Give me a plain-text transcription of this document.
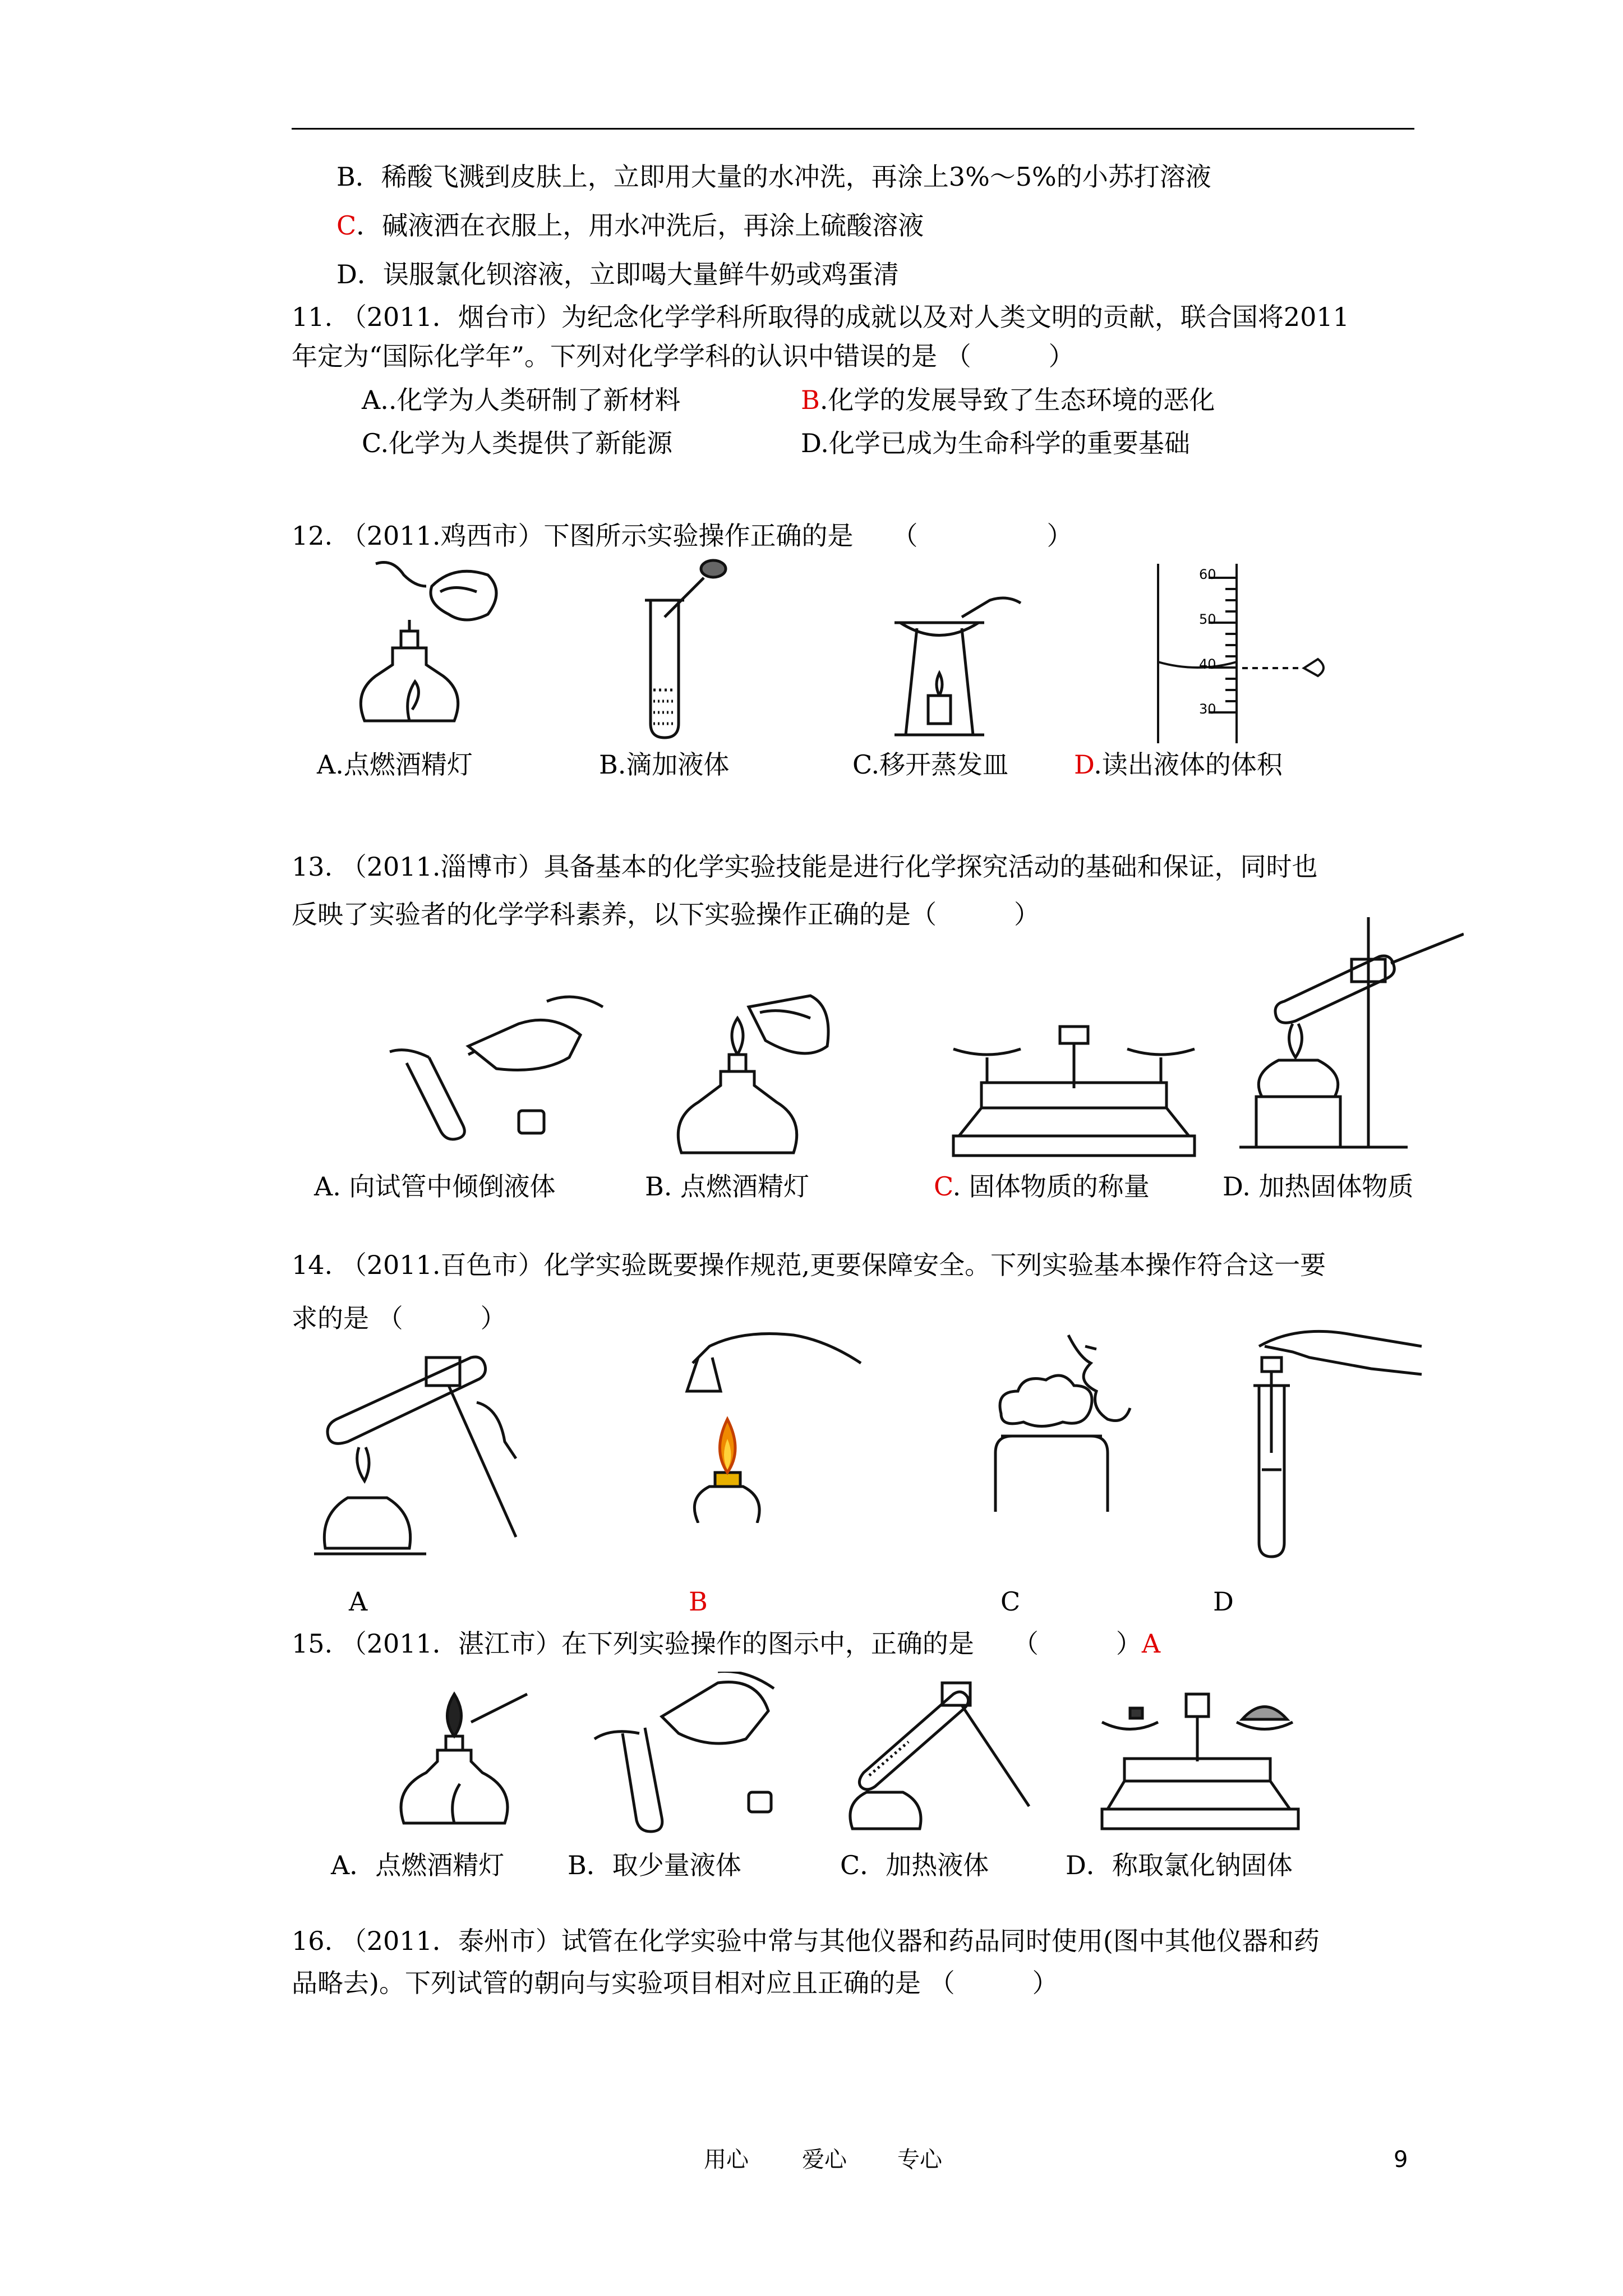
B．稀酸飞溅到皮肤上，立即用大量的水冲洗，再涂上3%～5%的小苏打溶液
C．碱液洒在衣服上，用水冲洗后，再涂上硫酸溶液
D．误服氯化钡溶液，立即喝大量鲜牛奶或鸡蛋清
11. （2011．烟台市）为纪念化学学科所取得的成就以及对人类文明的贡献，联合国将2011
年定为“国际化学年”。下列对化学学科的认识中错误的是 （　　　）
A..化学为人类研制了新材料	B.化学的发展导致了生态环境的恶化
C.化学为人类提供了新能源	D.化学已成为生命科学的重要基础
12. （2011.鸡西市）下图所示实验操作正确的是　　（　　　　　）
60
50
40
30
A.点燃酒精灯	B.滴加液体	C.移开蒸发皿	D.读出液体的体积
13. （2011.淄博市）具备基本的化学实验技能是进行化学探究活动的基础和保证，同时也
反映了实验者的化学学科素养，以下实验操作正确的是（　　　）
A. 向试管中倾倒液体	B. 点燃酒精灯	C. 固体物质的称量	D. 加热固体物质
14. （2011.百色市）化学实验既要操作规范,更要保障安全。下列实验基本操作符合这一要
求的是 （　　　）
A	B	C	D
15. （2011．湛江市）在下列实验操作的图示中，正确的是　　（　　　）A
A．点燃酒精灯 B．取少量液体	C．加热液体	D．称取氯化钠固体
16. （2011．泰州市）试管在化学实验中常与其他仪器和药品同时使用(图中其他仪器和药
品略去)。下列试管的朝向与实验项目相对应且正确的是 （　　　）
用心 爱心 专心	9
